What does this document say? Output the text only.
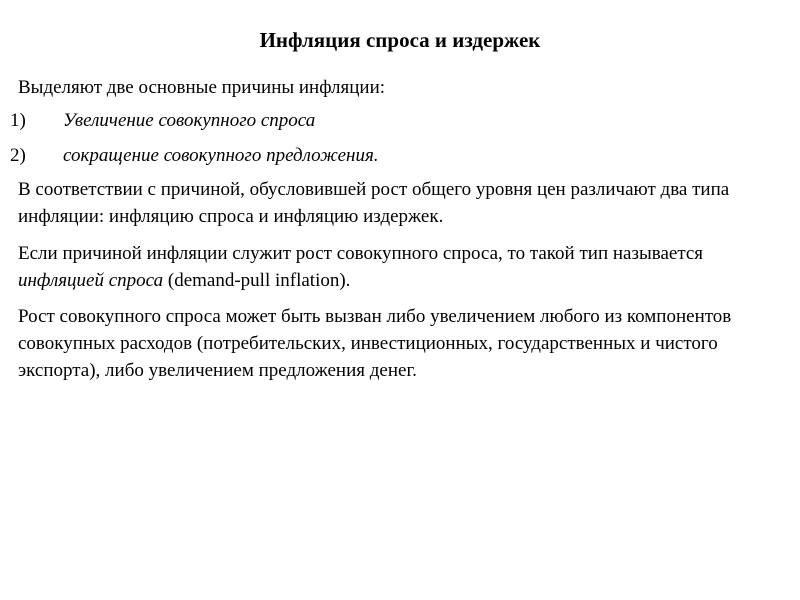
Инфляция спроса и издержек
Выделяют две основные причины инфляции:
1) Увеличение совокупного спроса
2) сокращение совокупного предложения.
В соответствии с причиной, обусловившей рост общего уровня цен различают два типа инфляции: инфляцию спроса и инфляцию издержек.
Если причиной инфляции служит рост совокупного спроса, то такой тип называется инфляцией спроса (demand-pull inflation).
Рост совокупного спроса может быть вызван либо увеличением любого из компонентов совокупных расходов (потребительских, инвестиционных, государственных и чистого экспорта), либо увеличением предложения денег.
